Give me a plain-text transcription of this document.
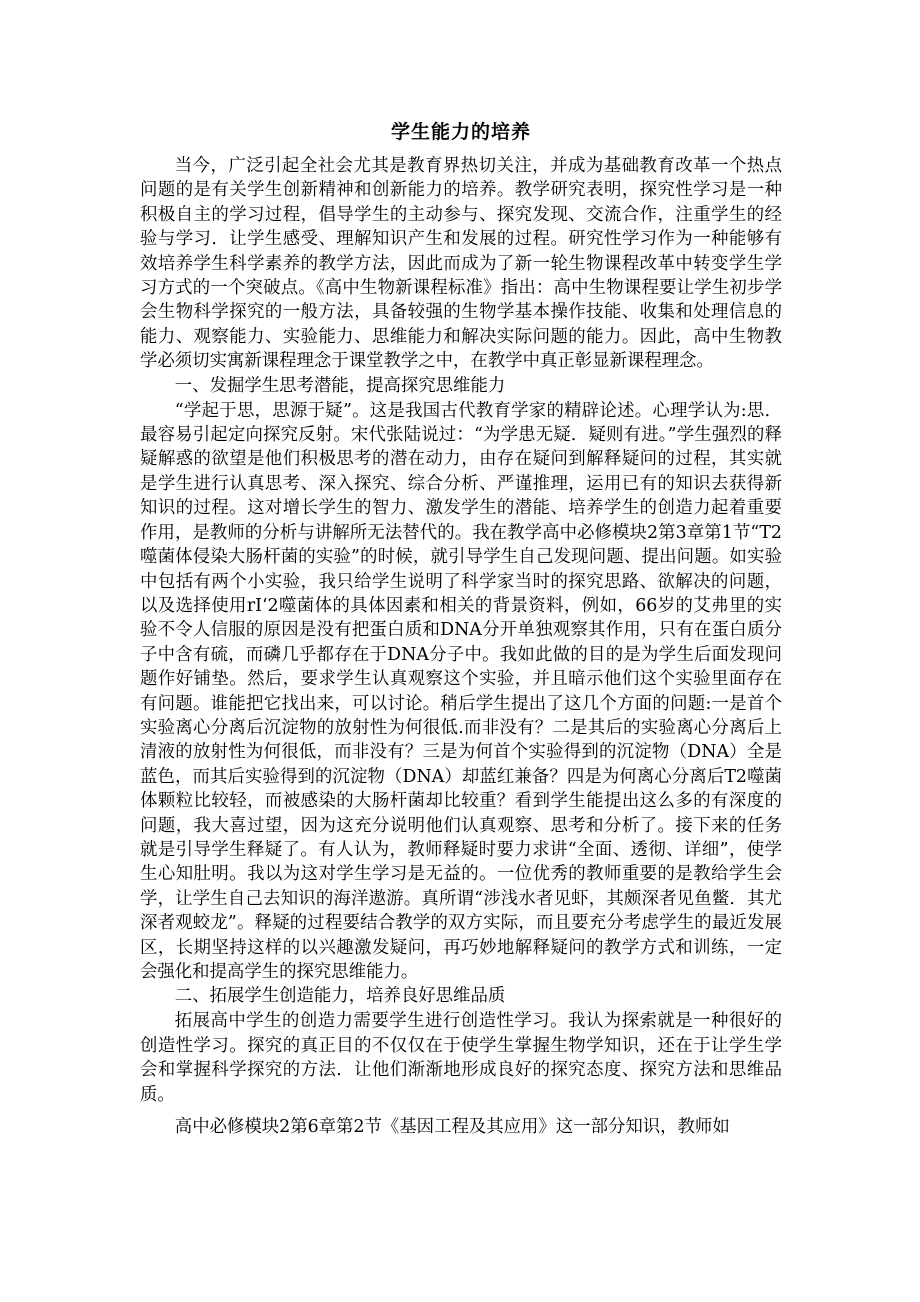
学生能力的培养

当今，广泛引起全社会尤其是教育界热切关注，并成为基础教育改革一个热点问题的是有关学生创新精神和创新能力的培养。教学研究表明，探究性学习是一种积极自主的学习过程，倡导学生的主动参与、探究发现、交流合作，注重学生的经验与学习．让学生感受、理解知识产生和发展的过程。研究性学习作为一种能够有效培养学生科学素养的教学方法，因此而成为了新一轮生物课程改革中转变学生学习方式的一个突破点。《高中生物新课程标准》指出：高中生物课程要让学生初步学会生物科学探究的一般方法，具备较强的生物学基本操作技能、收集和处理信息的能力、观察能力、实验能力、思维能力和解决实际问题的能力。因此，高中生物教学必须切实寓新课程理念于课堂教学之中，在教学中真正彰显新课程理念。

一、发掘学生思考潜能，提高探究思维能力

“学起于思，思源于疑”。这是我国古代教育学家的精辟论述。心理学认为:思．最容易引起定向探究反射。宋代张陆说过：“为学患无疑．疑则有进。”学生强烈的释疑解惑的欲望是他们积极思考的潜在动力，由存在疑问到解释疑问的过程，其实就是学生进行认真思考、深入探究、综合分析、严谨推理，运用已有的知识去获得新知识的过程。这对增长学生的智力、激发学生的潜能、培养学生的创造力起着重要作用，是教师的分析与讲解所无法替代的。我在教学高中必修模块2第3章第1节“T2噬菌体侵染大肠杆菌的实验”的时候，就引导学生自己发现问题、提出问题。如实验中包括有两个小实验，我只给学生说明了科学家当时的探究思路、欲解决的问题，以及选择使用rI‘2噬菌体的具体因素和相关的背景资料，例如，66岁的艾弗里的实验不令人信服的原因是没有把蛋白质和DNA分开单独观察其作用，只有在蛋白质分子中含有硫，而磷几乎都存在于DNA分子中。我如此做的目的是为学生后面发现问题作好铺垫。然后，要求学生认真观察这个实验，并且暗示他们这个实验里面存在有问题。谁能把它找出来，可以讨论。稍后学生提出了这几个方面的问题:一是首个实验离心分离后沉淀物的放射性为何很低.而非没有？二是其后的实验离心分离后上清液的放射性为何很低，而非没有？三是为何首个实验得到的沉淀物（DNA）全是蓝色，而其后实验得到的沉淀物（DNA）却蓝红兼备？四是为何离心分离后T2噬菌体颗粒比较轻，而被感染的大肠杆菌却比较重？看到学生能提出这么多的有深度的问题，我大喜过望，因为这充分说明他们认真观察、思考和分析了。接下来的任务就是引导学生释疑了。有人认为，教师释疑时要力求讲“全面、透彻、详细”，使学生心知肚明。我以为这对学生学习是无益的。一位优秀的教师重要的是教给学生会学，让学生自己去知识的海洋遨游。真所谓“涉浅水者见虾，其颇深者见鱼鳖．其尤深者观蛟龙”。释疑的过程要结合教学的双方实际，而且要充分考虑学生的最近发展区，长期坚持这样的以兴趣激发疑问，再巧妙地解释疑问的教学方式和训练，一定会强化和提高学生的探究思维能力。

二、拓展学生创造能力，培养良好思维品质

拓展高中学生的创造力需要学生进行创造性学习。我认为探索就是一种很好的创造性学习。探究的真正目的不仅仅在于使学生掌握生物学知识，还在于让学生学会和掌握科学探究的方法．让他们渐渐地形成良好的探究态度、探究方法和思维品质。

高中必修模块2第6章第2节《基因工程及其应用》这一部分知识，教师如
